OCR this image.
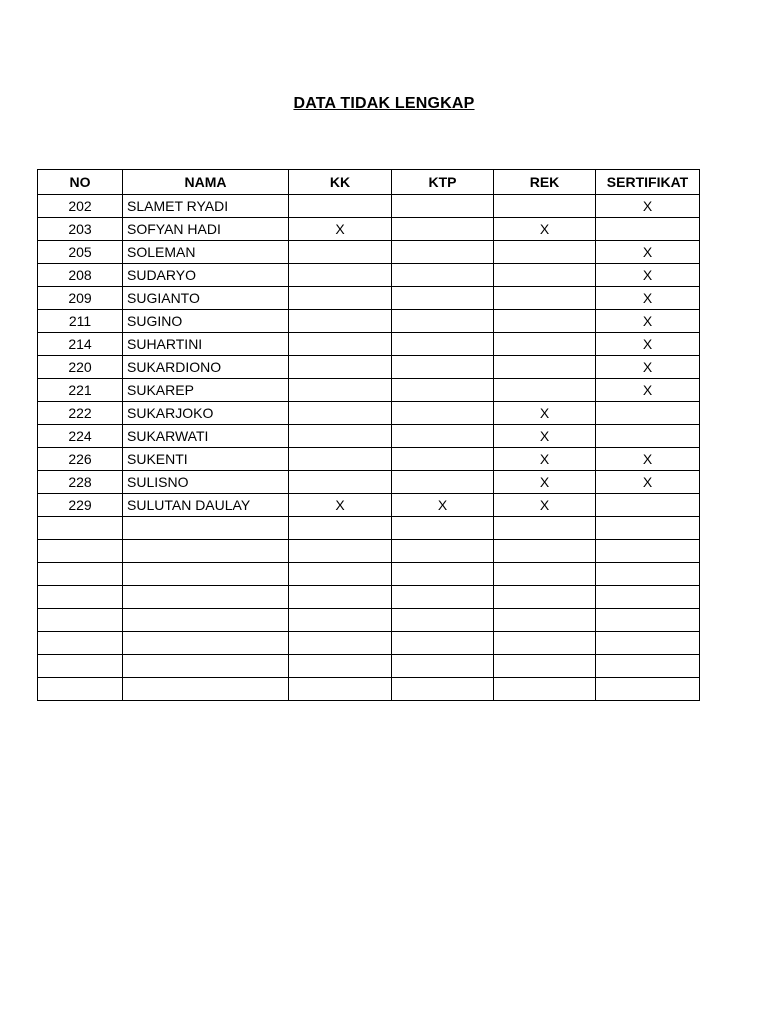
DATA TIDAK LENGKAP
NO	NAMA	KK	KTP	REK	SERTIFIKAT
202	SLAMET RYADI				X
203	SOFYAN HADI	X		X	
205	SOLEMAN				X
208	SUDARYO				X
209	SUGIANTO				X
211	SUGINO				X
214	SUHARTINI				X
220	SUKARDIONO				X
221	SUKAREP				X
222	SUKARJOKO			X	
224	SUKARWATI			X	
226	SUKENTI			X	X
228	SULISNO			X	X
229	SULUTAN DAULAY	X	X	X	
